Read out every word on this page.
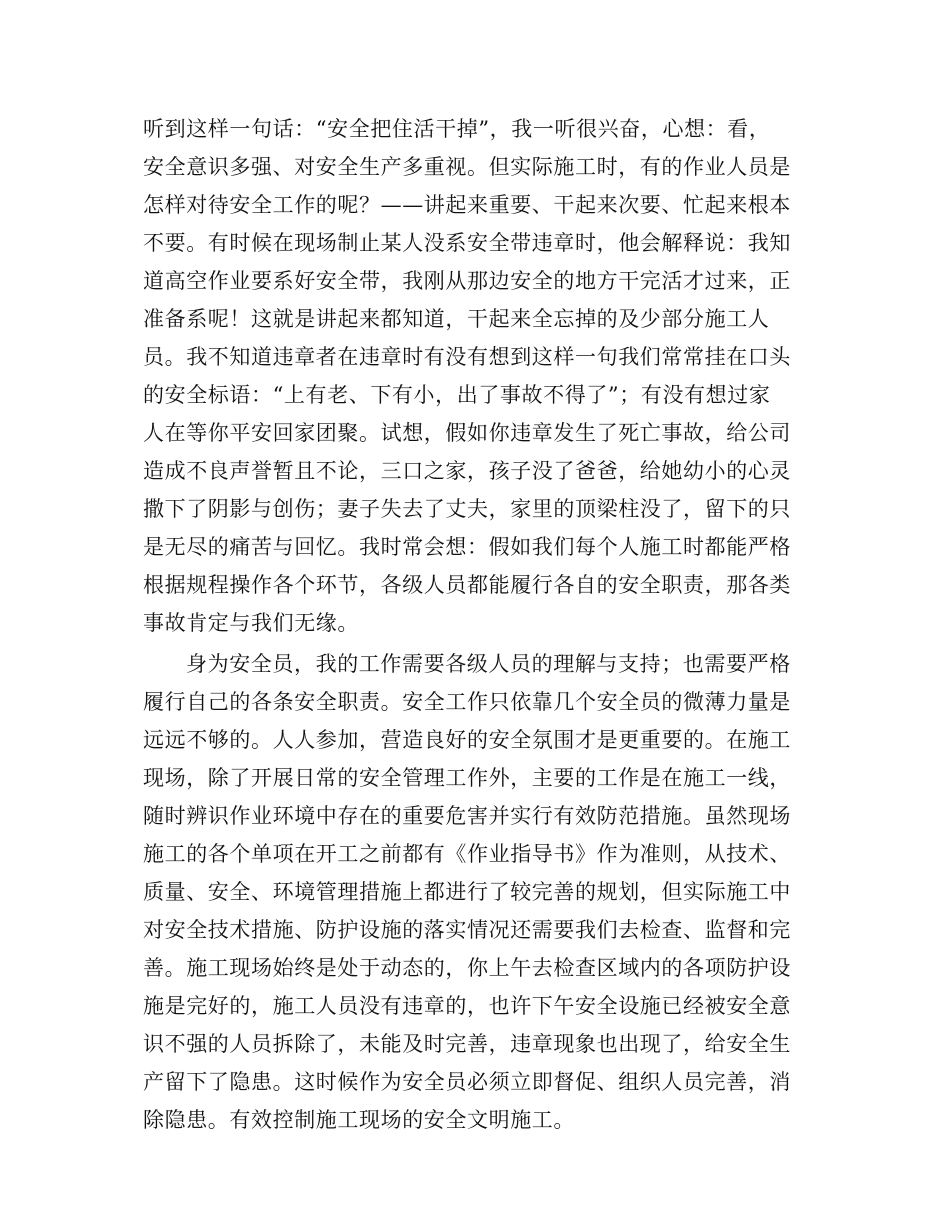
听到这样一句话：“安全把住活干掉”，我一听很兴奋，心想：看，
安全意识多强、对安全生产多重视。但实际施工时，有的作业人员是
怎样对待安全工作的呢？——讲起来重要、干起来次要、忙起来根本
不要。有时候在现场制止某人没系安全带违章时，他会解释说：我知
道高空作业要系好安全带，我刚从那边安全的地方干完活才过来，正
准备系呢！这就是讲起来都知道，干起来全忘掉的及少部分施工人
员。我不知道违章者在违章时有没有想到这样一句我们常常挂在口头
的安全标语：“上有老、下有小，出了事故不得了”；有没有想过家
人在等你平安回家团聚。试想，假如你违章发生了死亡事故，给公司
造成不良声誉暂且不论，三口之家，孩子没了爸爸，给她幼小的心灵
撒下了阴影与创伤；妻子失去了丈夫，家里的顶梁柱没了，留下的只
是无尽的痛苦与回忆。我时常会想：假如我们每个人施工时都能严格
根据规程操作各个环节，各级人员都能履行各自的安全职责，那各类
事故肯定与我们无缘。
身为安全员，我的工作需要各级人员的理解与支持；也需要严格
履行自己的各条安全职责。安全工作只依靠几个安全员的微薄力量是
远远不够的。人人参加，营造良好的安全氛围才是更重要的。在施工
现场，除了开展日常的安全管理工作外，主要的工作是在施工一线，
随时辨识作业环境中存在的重要危害并实行有效防范措施。虽然现场
施工的各个单项在开工之前都有《作业指导书》作为准则，从技术、
质量、安全、环境管理措施上都进行了较完善的规划，但实际施工中
对安全技术措施、防护设施的落实情况还需要我们去检查、监督和完
善。施工现场始终是处于动态的，你上午去检查区域内的各项防护设
施是完好的，施工人员没有违章的，也许下午安全设施已经被安全意
识不强的人员拆除了，未能及时完善，违章现象也出现了，给安全生
产留下了隐患。这时候作为安全员必须立即督促、组织人员完善，消
除隐患。有效控制施工现场的安全文明施工。
